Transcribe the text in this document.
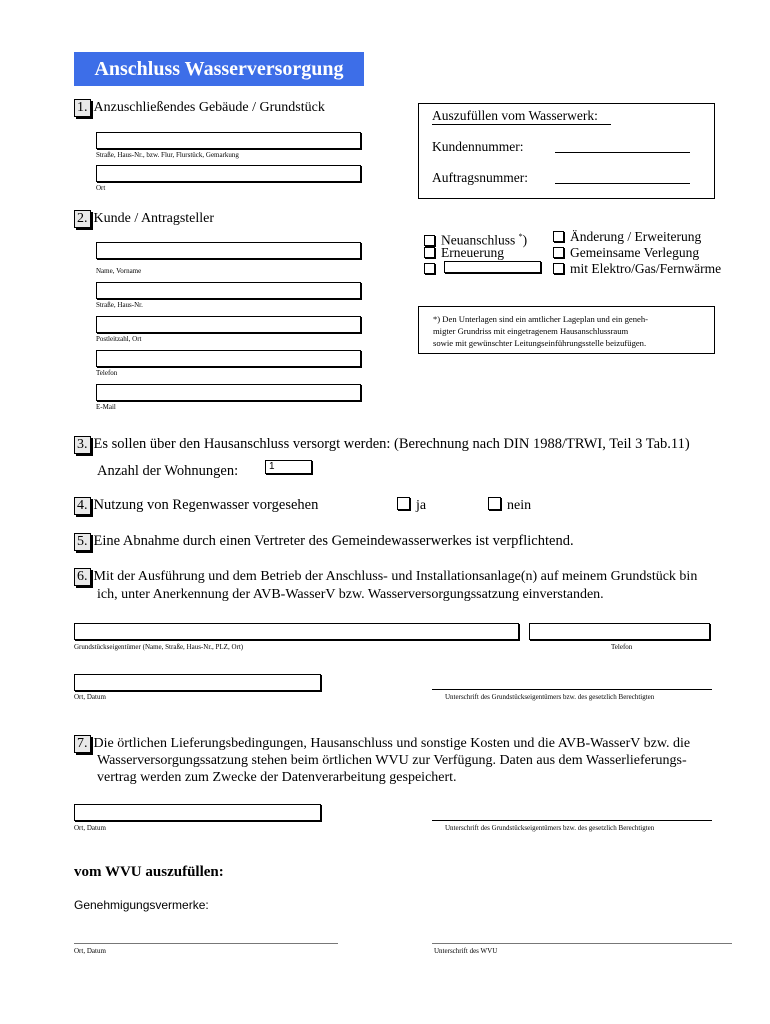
Anschluss Wasserversorgung
1. Anzuschließendes Gebäude / Grundstück
Straße, Haus-Nr., bzw. Flur, Flurstück, Gemarkung
Ort
Auszufüllen vom Wasserwerk:
Kundennummer:
Auftragsnummer:
2. Kunde / Antragsteller
Name, Vorname
Straße, Haus-Nr.
Postleitzahl, Ort
Telefon
E-Mail
Neuanschluss *)
Erneuerung
Änderung / Erweiterung
Gemeinsame Verlegung
mit Elektro/Gas/Fernwärme
*) Den Unterlagen sind ein amtlicher Lageplan und ein geneh-
migter Grundriss mit eingetragenem Hausanschlussraum
sowie mit gewünschter Leitungseinführungsstelle beizufügen.
3. Es sollen über den Hausanschluss versorgt werden: (Berechnung nach DIN 1988/TRWI, Teil 3 Tab.11)
Anzahl der Wohnungen:	1
4. Nutzung von Regenwasser vorgesehen	ja	nein
5. Eine Abnahme durch einen Vertreter des Gemeindewasserwerkes ist verpflichtend.
6. Mit der Ausführung und dem Betrieb der Anschluss- und Installationsanlage(n) auf meinem Grundstück bin
ich, unter Anerkennung der AVB-WasserV bzw. Wasserversorgungssatzung einverstanden.
Grundstückseigentümer (Name, Straße, Haus-Nr., PLZ, Ort)	Telefon
Ort, Datum	Unterschrift des Grundstückseigentümers bzw. des gesetzlich Berechtigten
7. Die örtlichen Lieferungsbedingungen, Hausanschluss und sonstige Kosten und die AVB-WasserV bzw. die
Wasserversorgungssatzung stehen beim örtlichen WVU zur Verfügung. Daten aus dem Wasserlieferungs-
vertrag werden zum Zwecke der Datenverarbeitung gespeichert.
Ort, Datum	Unterschrift des Grundstückseigentümers bzw. des gesetzlich Berechtigten
vom WVU auszufüllen:
Genehmigungsvermerke:
Ort, Datum	Unterschrift des WVU
